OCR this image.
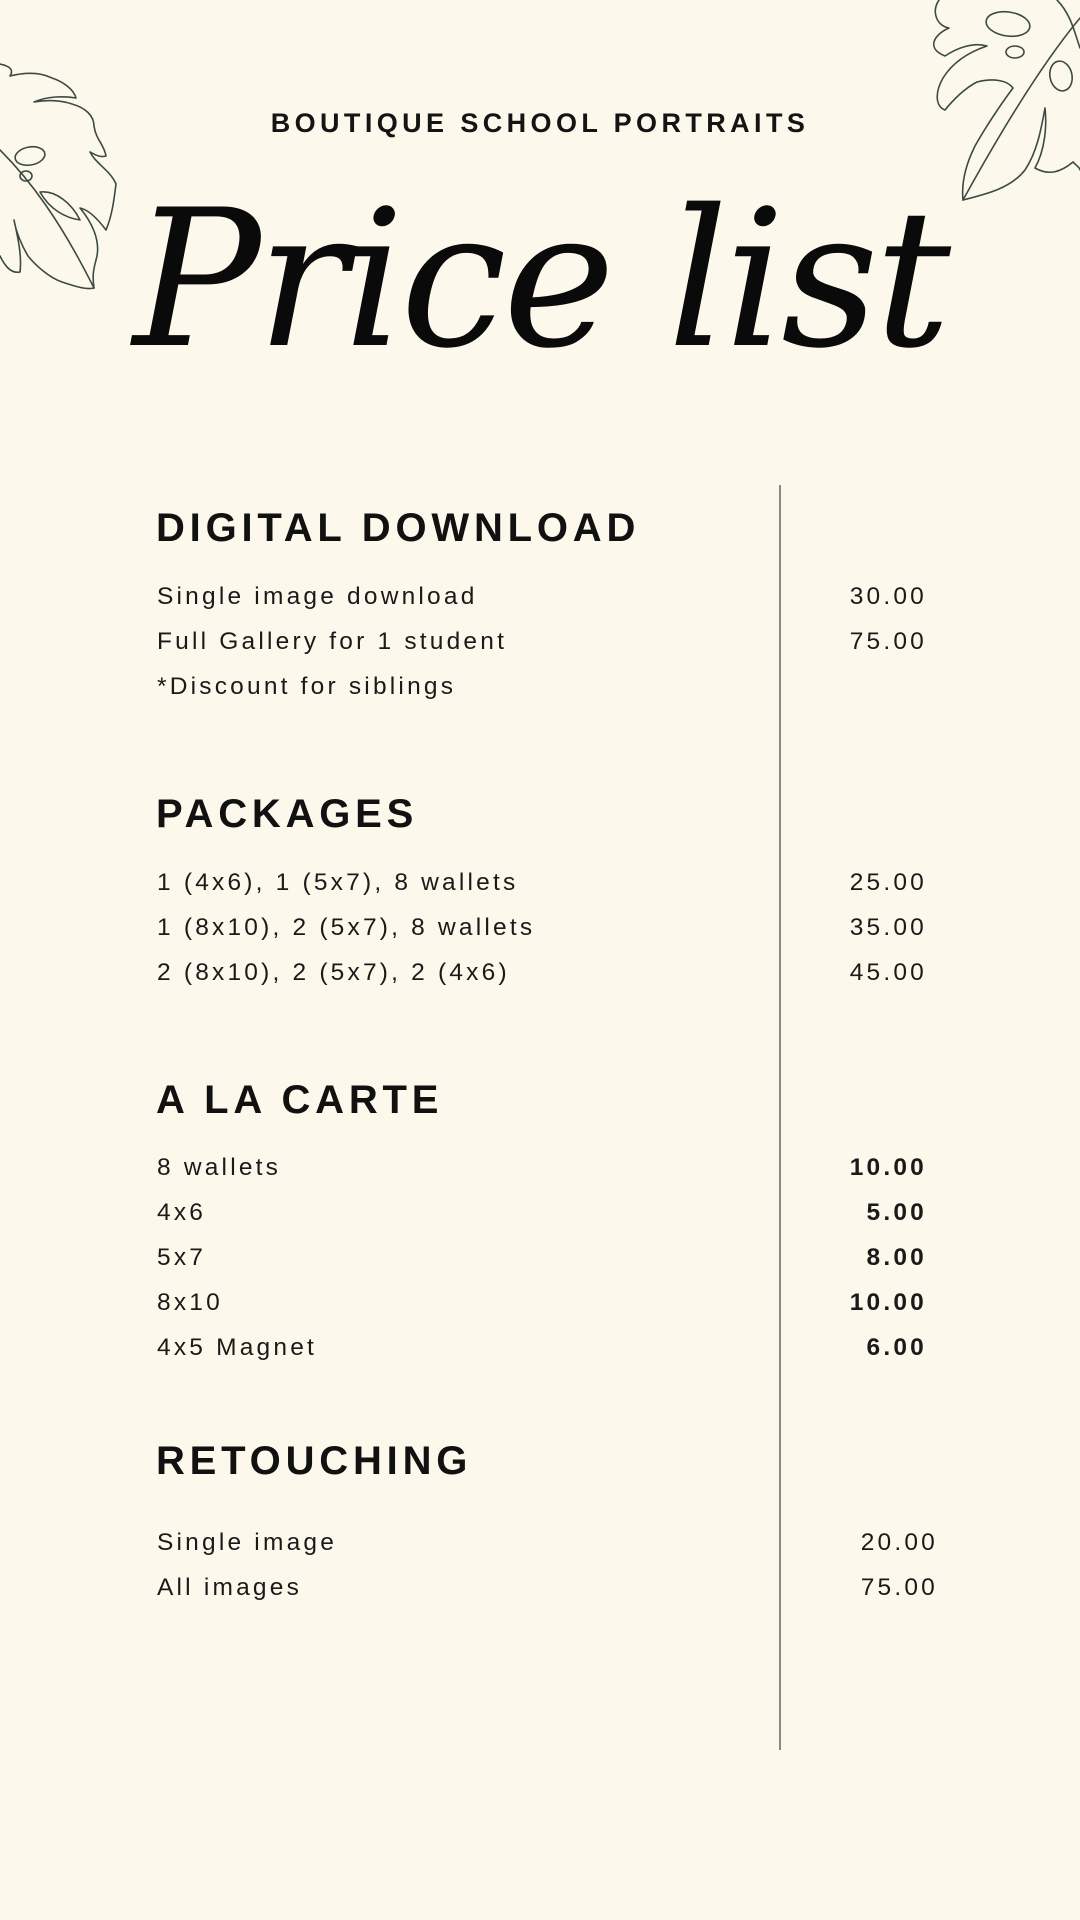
BOUTIQUE SCHOOL PORTRAITS
Price list
DIGITAL DOWNLOAD
Single image download	30.00
Full Gallery for 1 student	75.00
*Discount for siblings
PACKAGES
1 (4x6), 1 (5x7), 8 wallets	25.00
1 (8x10), 2 (5x7), 8 wallets	35.00
2 (8x10), 2 (5x7), 2 (4x6)	45.00
A LA CARTE
8 wallets	10.00
4x6	5.00
5x7	8.00
8x10	10.00
4x5 Magnet	6.00
RETOUCHING
Single image	20.00
All images	75.00
